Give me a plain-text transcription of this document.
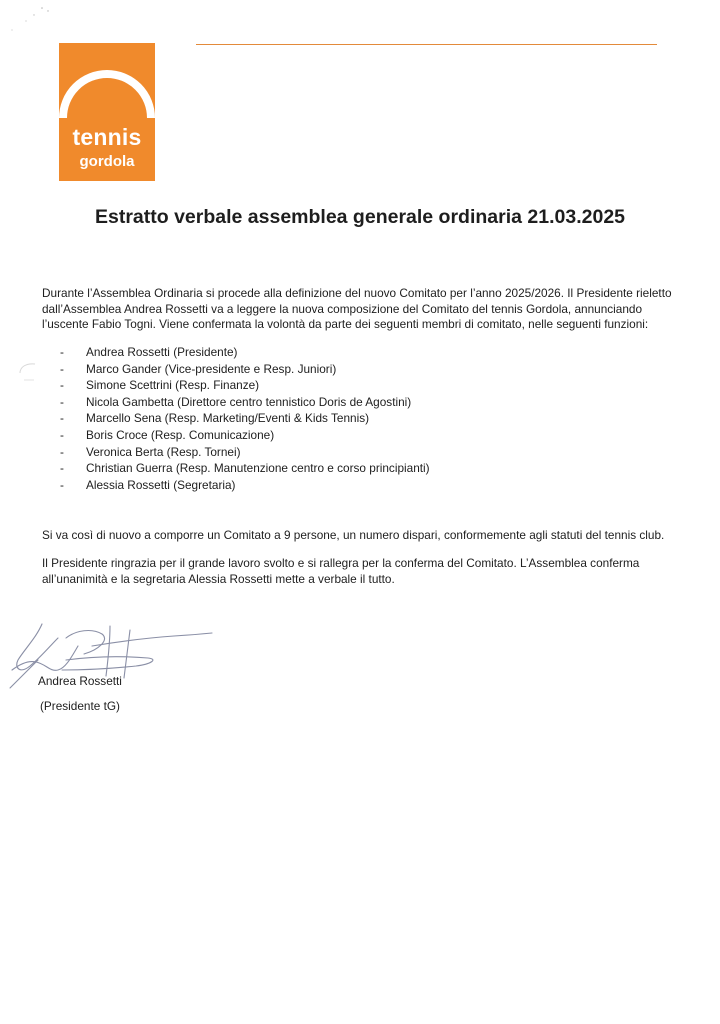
tennis
gordola
Estratto verbale assemblea generale ordinaria 21.03.2025

Durante l’Assemblea Ordinaria si procede alla definizione del nuovo Comitato per l’anno 2025/2026. Il Presidente rieletto
dall’Assemblea Andrea Rossetti va a leggere la nuova composizione del Comitato del tennis Gordola, annunciando
l’uscente Fabio Togni. Viene confermata la volontà da parte dei seguenti membri di comitato, nelle seguenti funzioni:

- Andrea Rossetti (Presidente)
- Marco Gander (Vice-presidente e Resp. Juniori)
- Simone Scettrini (Resp. Finanze)
- Nicola Gambetta (Direttore centro tennistico Doris de Agostini)
- Marcello Sena (Resp. Marketing/Eventi & Kids Tennis)
- Boris Croce (Resp. Comunicazione)
- Veronica Berta (Resp. Tornei)
- Christian Guerra (Resp. Manutenzione centro e corso principianti)
- Alessia Rossetti (Segretaria)

Si va così di nuovo a comporre un Comitato a 9 persone, un numero dispari, conformemente agli statuti del tennis club.

Il Presidente ringrazia per il grande lavoro svolto e si rallegra per la conferma del Comitato. L’Assemblea conferma
all’unanimità e la segretaria Alessia Rossetti mette a verbale il tutto.

Andrea Rossetti
(Presidente tG)
